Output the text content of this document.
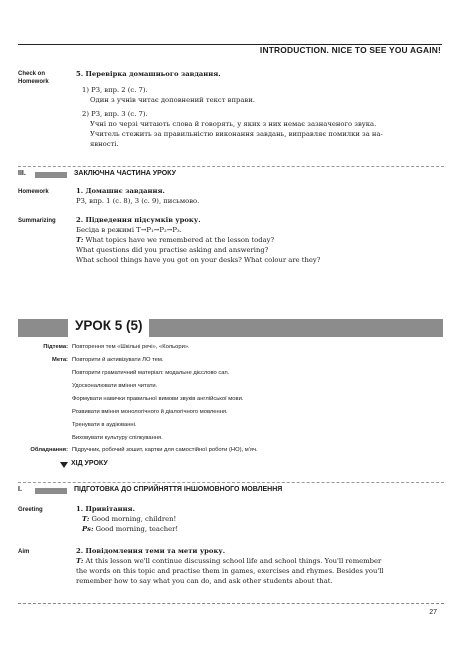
INTRODUCTION. NICE TO SEE YOU AGAIN!
Check on
Homework
5. Перевірка домашнього завдання.
1) РЗ, впр. 2 (с. 7).
Один з учнів читає доповнений текст вправи.
2) РЗ, впр. 3 (с. 7).
Учні по черзі читають слова й говорять, у яких з них немає зазначеного звука.
Учитель стежить за правильністю виконання завдань, виправляє помилки за на-
явності.
III.	ЗАКЛЮЧНА ЧАСТИНА УРОКУ
Homework	1. Домашнє завдання.
РЗ, впр. 1 (с. 8), 3 (с. 9), письмово.
Summarizing	2. Підведення підсумків уроку.
Бесіда в режимі T→P₁→P₂→P₃.
T: What topics have we remembered at the lesson today?
What questions did you practise asking and answering?
What school things have you got on your desks? What colour are they?
УРОК 5 (5)
Підтема: Повторення тем «Шкільні речі», «Кольори».
Мета: Повторити й активізувати ЛО тем.
Повторити граматичний матеріал: модальне дієслово can.
Удосконалювати вміння читати.
Формувати навички правильної вимови звуків англійської мови.
Розвивати вміння монологічного й діалогічного мовлення.
Тренувати в аудіюванні.
Виховувати культуру спілкування.
Обладнання: Підручник, робочий зошит, картки для самостійної роботи (НО), м'яч.
ХІД УРОКУ
I.	ПІДГОТОВКА ДО СПРИЙНЯТТЯ ІНШОМОВНОГО МОВЛЕННЯ
Greeting	1. Привітання.
T: Good morning, children!
Ps: Good morning, teacher!
Aim	2. Повідомлення теми та мети уроку.
T: At this lesson we'll continue discussing school life and school things. You'll remember
the words on this topic and practise them in games, exercises and rhymes. Besides you'll
remember how to say what you can do, and ask other students about that.
27
